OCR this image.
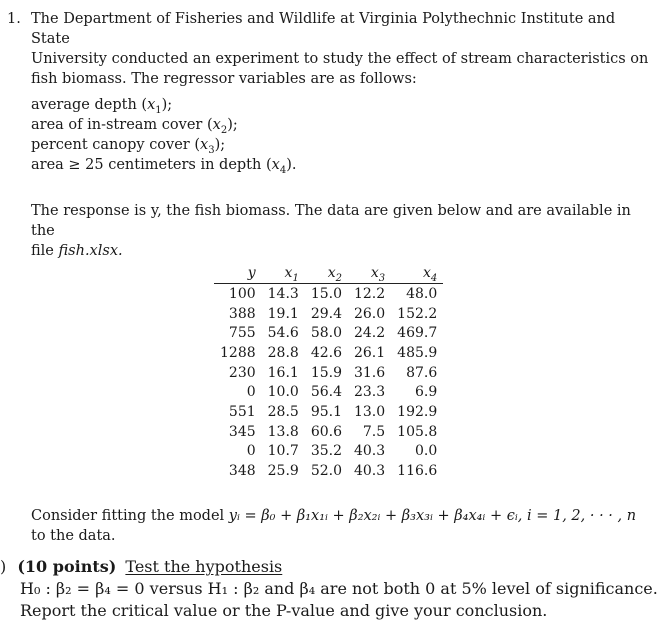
1. The Department of Fisheries and Wildlife at Virginia Polythechnic Institute and State
University conducted an experiment to study the effect of stream characteristics on
fish biomass. The regressor variables are as follows:
average depth $(x_1)$;
area of in-stream cover $(x_2)$;
percent canopy cover $(x_3)$;
area ≥ 25 centimeters in depth $(x_4)$.
The response is y, the fish biomass. The data are given below and are available in the
file fish.xlsx.
y	$x_1$	$x_2$	$x_3$	$x_4$
100	14.3	15.0	12.2	48.0
388	19.1	29.4	26.0	152.2
755	54.6	58.0	24.2	469.7
1288	28.8	42.6	26.1	485.9
230	16.1	15.9	31.6	87.6
0	10.0	56.4	23.3	6.9
551	28.5	95.1	13.0	192.9
345	13.8	60.6	7.5	105.8
0	10.7	35.2	40.3	0.0
348	25.9	52.0	40.3	116.6
Consider fitting the model yᵢ = β₀ + β₁x₁ᵢ + β₂x₂ᵢ + β₃x₃ᵢ + β₄x₄ᵢ + ϵᵢ, i = 1, 2, · · · , n
to the data.
) (10 points) Test the hypothesis
H₀ : β₂ = β₄ = 0 versus H₁ : β₂ and β₄ are not both 0 at 5% level of significance.
Report the critical value or the P-value and give your conclusion.
